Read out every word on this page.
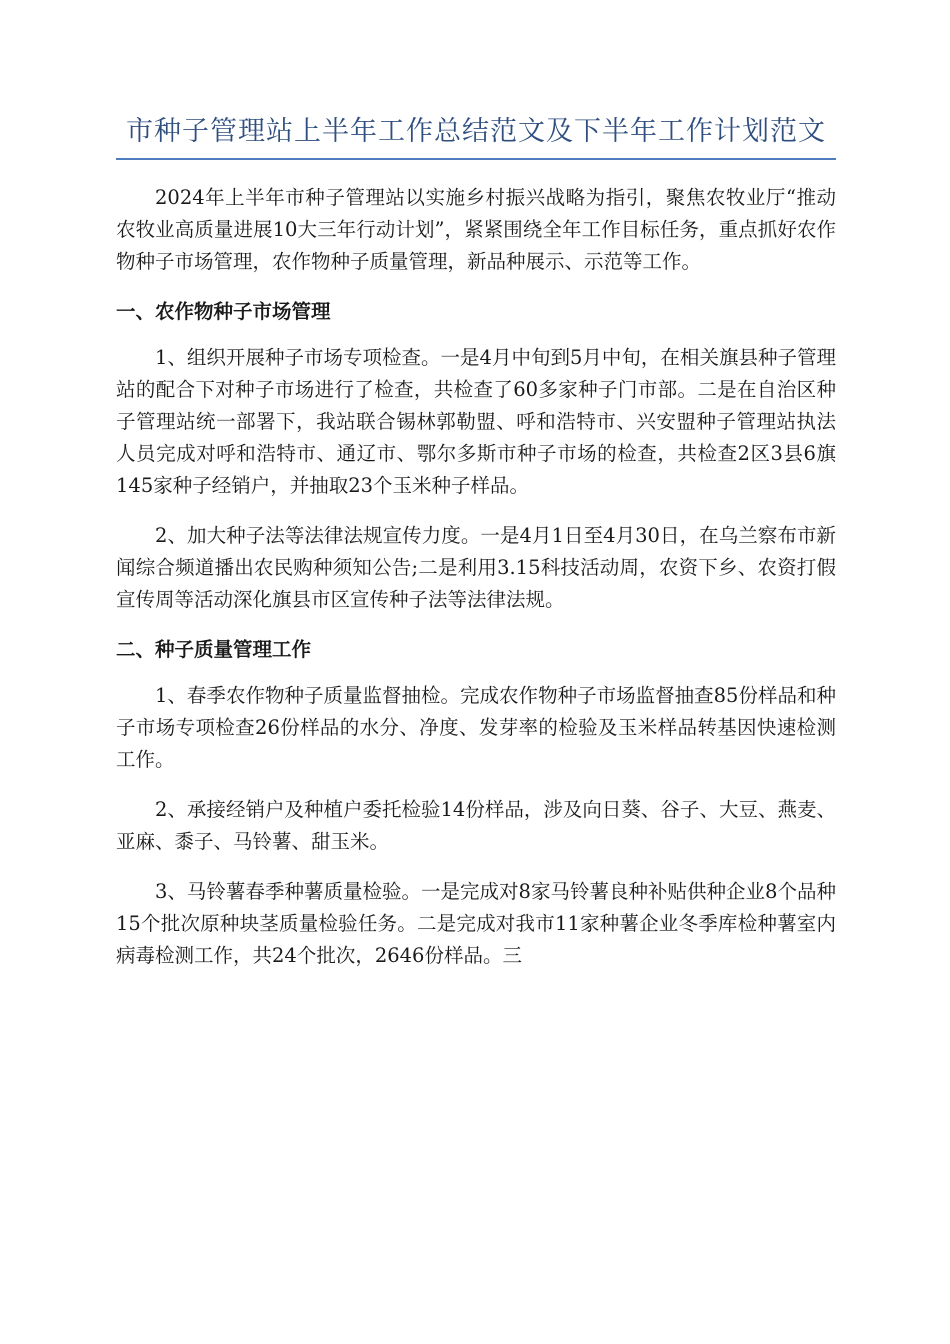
市种子管理站上半年工作总结范文及下半年工作计划范文

2024年上半年市种子管理站以实施乡村振兴战略为指引，聚焦农牧业厅“推动农牧业高质量进展10大三年行动计划”，紧紧围绕全年工作目标任务，重点抓好农作物种子市场管理，农作物种子质量管理，新品种展示、示范等工作。

一、农作物种子市场管理

1、组织开展种子市场专项检查。一是4月中旬到5月中旬，在相关旗县种子管理站的配合下对种子市场进行了检查，共检查了60多家种子门市部。二是在自治区种子管理站统一部署下，我站联合锡林郭勒盟、呼和浩特市、兴安盟种子管理站执法人员完成对呼和浩特市、通辽市、鄂尔多斯市种子市场的检查，共检查2区3县6旗145家种子经销户，并抽取23个玉米种子样品。

2、加大种子法等法律法规宣传力度。一是4月1日至4月30日，在乌兰察布市新闻综合频道播出农民购种须知公告;二是利用3.15科技活动周，农资下乡、农资打假宣传周等活动深化旗县市区宣传种子法等法律法规。

二、种子质量管理工作

1、春季农作物种子质量监督抽检。完成农作物种子市场监督抽查85份样品和种子市场专项检查26份样品的水分、净度、发芽率的检验及玉米样品转基因快速检测工作。

2、承接经销户及种植户委托检验14份样品，涉及向日葵、谷子、大豆、燕麦、亚麻、黍子、马铃薯、甜玉米。

3、马铃薯春季种薯质量检验。一是完成对8家马铃薯良种补贴供种企业8个品种15个批次原种块茎质量检验任务。二是完成对我市11家种薯企业冬季库检种薯室内病毒检测工作，共24个批次，2646份样品。三
